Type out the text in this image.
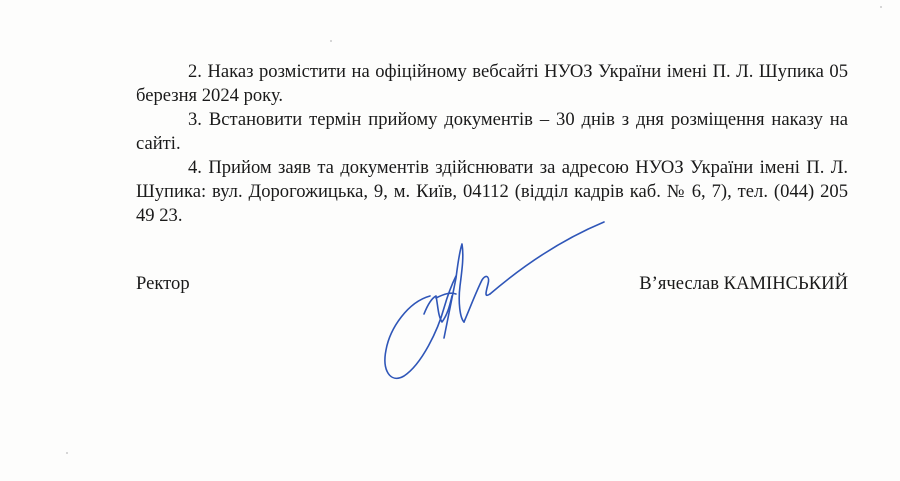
2. Наказ розмістити на офіційному вебсайті НУОЗ України імені П. Л. Шупика 05 березня 2024 року.

3. Встановити термін прийому документів – 30 днів з дня розміщення наказу на сайті.

4. Прийом заяв та документів здійснювати за адресою НУОЗ України імені П. Л. Шупика: вул. Дорогожицька, 9, м. Київ, 04112 (відділ кадрів каб. № 6, 7), тел. (044) 205 49 23.

Ректор	В’ячеслав КАМІНСЬКИЙ
